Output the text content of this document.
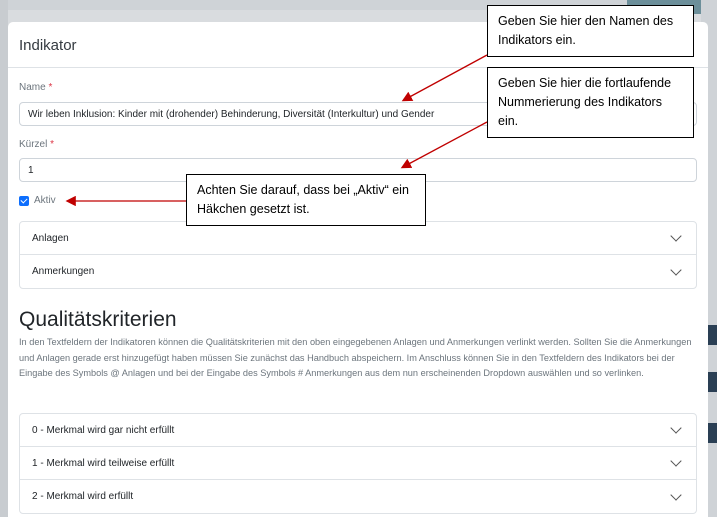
Indikator
Name *
Wir leben Inklusion: Kinder mit (drohender) Behinderung, Diversität (Interkultur) und Gender
Kürzel *
1
Aktiv
Anlagen
Anmerkungen
Qualitätskriterien
In den Textfeldern der Indikatoren können die Qualitätskriterien mit den oben eingegebenen Anlagen und Anmerkungen verlinkt werden. Sollten Sie die Anmerkungen und Anlagen gerade erst hinzugefügt haben müssen Sie zunächst das Handbuch abspeichern. Im Anschluss können Sie in den Textfeldern des Indikators bei der Eingabe des Symbols @ Anlagen und bei der Eingabe des Symbols # Anmerkungen aus dem nun erscheinenden Dropdown auswählen und so verlinken.
0 - Merkmal wird gar nicht erfüllt
1 - Merkmal wird teilweise erfüllt
2 - Merkmal wird erfüllt
Geben Sie hier den Namen des Indikators ein.
Geben Sie hier die fortlaufende Nummerierung des Indikators ein.
Achten Sie darauf, dass bei „Aktiv“ ein Häkchen gesetzt ist.
